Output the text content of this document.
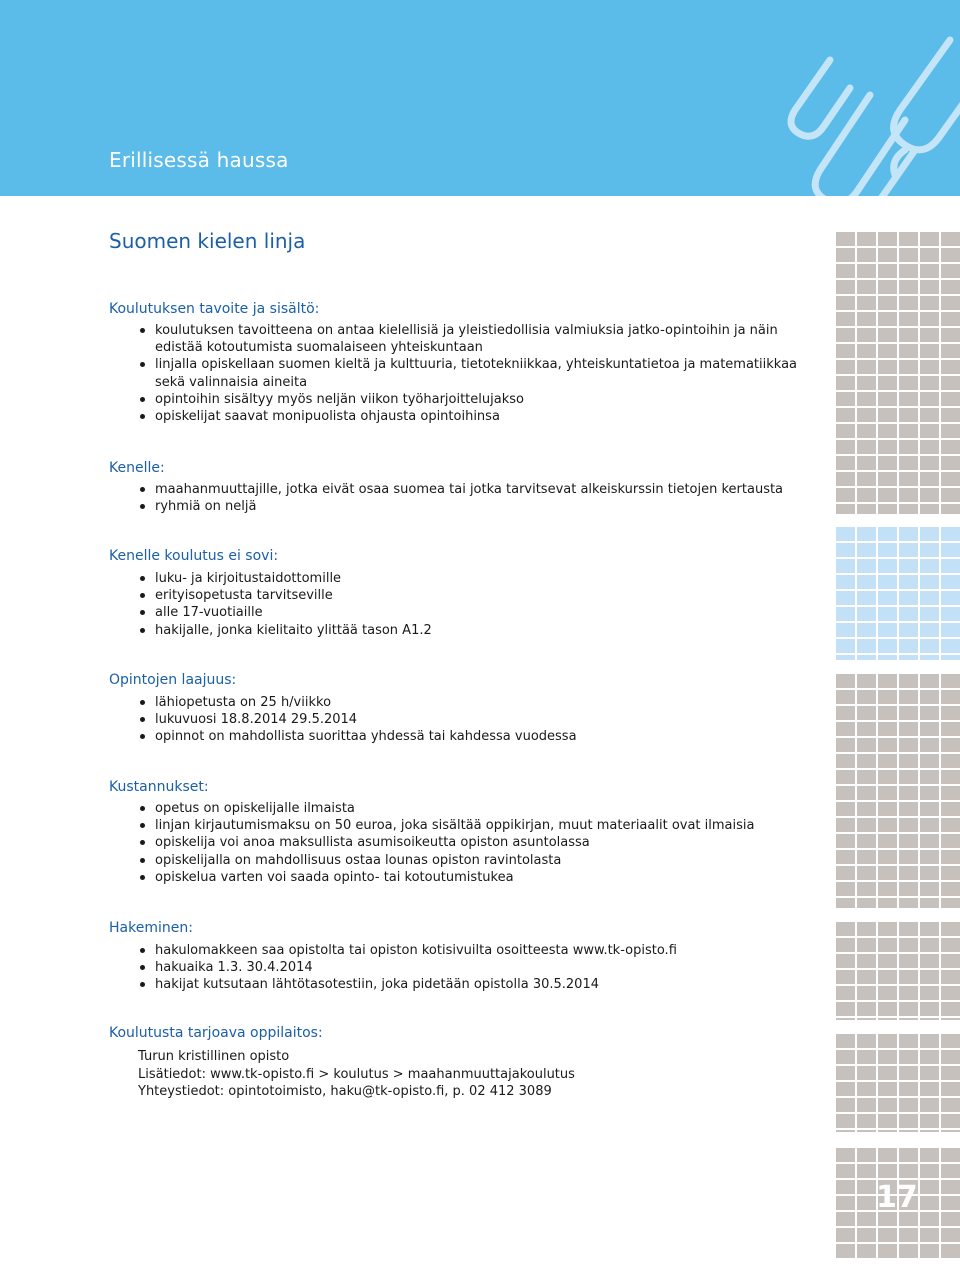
Erillisessä haussa
Suomen kielen linja
Koulutuksen tavoite ja sisältö:
koulutuksen tavoitteena on antaa kielellisiä ja yleistiedollisia valmiuksia jatko-opintoihin ja näin edistää kotoutumista suomalaiseen yhteiskuntaan
linjalla opiskellaan suomen kieltä ja kulttuuria, tietotekniikkaa, yhteiskuntatietoa ja matematiikkaa sekä valinnaisia aineita
opintoihin sisältyy myös neljän viikon työharjoittelujakso
opiskelijat saavat monipuolista ohjausta opintoihinsa
Kenelle:
maahanmuuttajille, jotka eivät osaa suomea tai jotka tarvitsevat alkeiskurssin tietojen kertausta
ryhmiä on neljä
Kenelle koulutus ei sovi:
luku- ja kirjoitustaidottomille
erityisopetusta tarvitseville
alle 17-vuotiaille
hakijalle, jonka kielitaito ylittää tason A1.2
Opintojen laajuus:
lähiopetusta on 25 h/viikko
lukuvuosi 18.8.2014 29.5.2014
opinnot on mahdollista suorittaa yhdessä tai kahdessa vuodessa
Kustannukset:
opetus on opiskelijalle ilmaista
linjan kirjautumismaksu on 50 euroa, joka sisältää oppikirjan, muut materiaalit ovat ilmaisia
opiskelija voi anoa maksullista asumisoikeutta opiston asuntolassa
opiskelijalla on mahdollisuus ostaa lounas opiston ravintolasta
opiskelua varten voi saada opinto- tai kotoutumistukea
Hakeminen:
hakulomakkeen saa opistolta tai opiston kotisivuilta osoitteesta www.tk-opisto.fi
hakuaika 1.3. 30.4.2014
hakijat kutsutaan lähtötasotestiin, joka pidetään opistolla 30.5.2014
Koulutusta tarjoava oppilaitos:
Turun kristillinen opisto
Lisätiedot: www.tk-opisto.fi > koulutus > maahanmuuttajakoulutus
Yhteystiedot: opintotoimisto, haku@tk-opisto.fi, p. 02 412 3089
17
